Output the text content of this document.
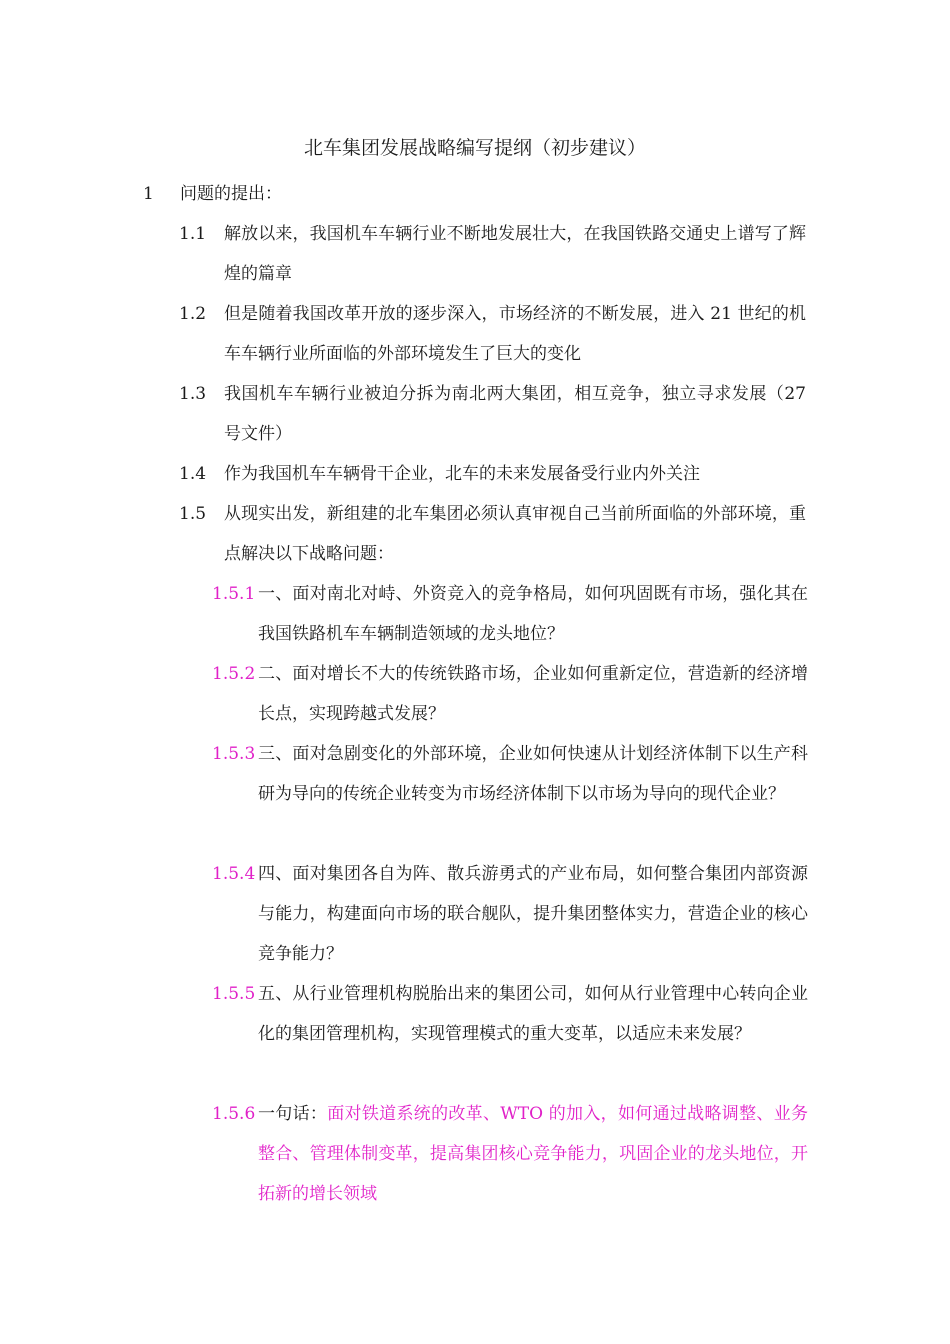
北车集团发展战略编写提纲（初步建议）
1 问题的提出：
1.1 解放以来，我国机车车辆行业不断地发展壮大，在我国铁路交通史上谱写了辉煌的篇章
1.2 但是随着我国改革开放的逐步深入，市场经济的不断发展，进入 21 世纪的机车车辆行业所面临的外部环境发生了巨大的变化
1.3 我国机车车辆行业被迫分拆为南北两大集团，相互竞争，独立寻求发展（27 号文件）
1.4 作为我国机车车辆骨干企业，北车的未来发展备受行业内外关注
1.5 从现实出发，新组建的北车集团必须认真审视自己当前所面临的外部环境，重点解决以下战略问题：
1.5.1 一、面对南北对峙、外资竞入的竞争格局，如何巩固既有市场，强化其在我国铁路机车车辆制造领域的龙头地位？
1.5.2 二、面对增长不大的传统铁路市场，企业如何重新定位，营造新的经济增长点，实现跨越式发展？
1.5.3 三、面对急剧变化的外部环境，企业如何快速从计划经济体制下以生产科研为导向的传统企业转变为市场经济体制下以市场为导向的现代企业？
1.5.4 四、面对集团各自为阵、散兵游勇式的产业布局，如何整合集团内部资源与能力，构建面向市场的联合舰队，提升集团整体实力，营造企业的核心竞争能力？
1.5.5 五、从行业管理机构脱胎出来的集团公司，如何从行业管理中心转向企业化的集团管理机构，实现管理模式的重大变革，以适应未来发展？
1.5.6 一句话：面对铁道系统的改革、WTO 的加入，如何通过战略调整、业务整合、管理体制变革，提高集团核心竞争能力，巩固企业的龙头地位，开拓新的增长领域
